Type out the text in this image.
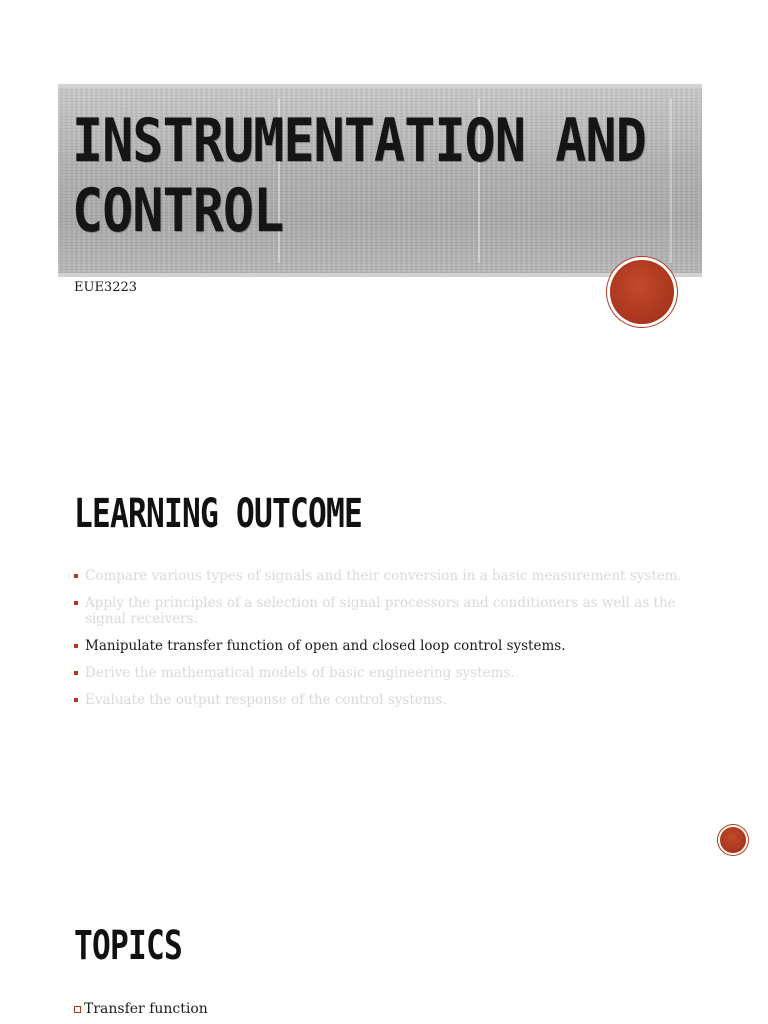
INSTRUMENTATION AND
CONTROL
EUE3223
LEARNING OUTCOME
Compare various types of signals and their conversion in a basic measurement system.
Apply the principles of a selection of signal processors and conditioners as well as the signal receivers.
Manipulate transfer function of open and closed loop control systems.
Derive the mathematical models of basic engineering systems.
Evaluate the output response of the control systems.
TOPICS
Transfer function
